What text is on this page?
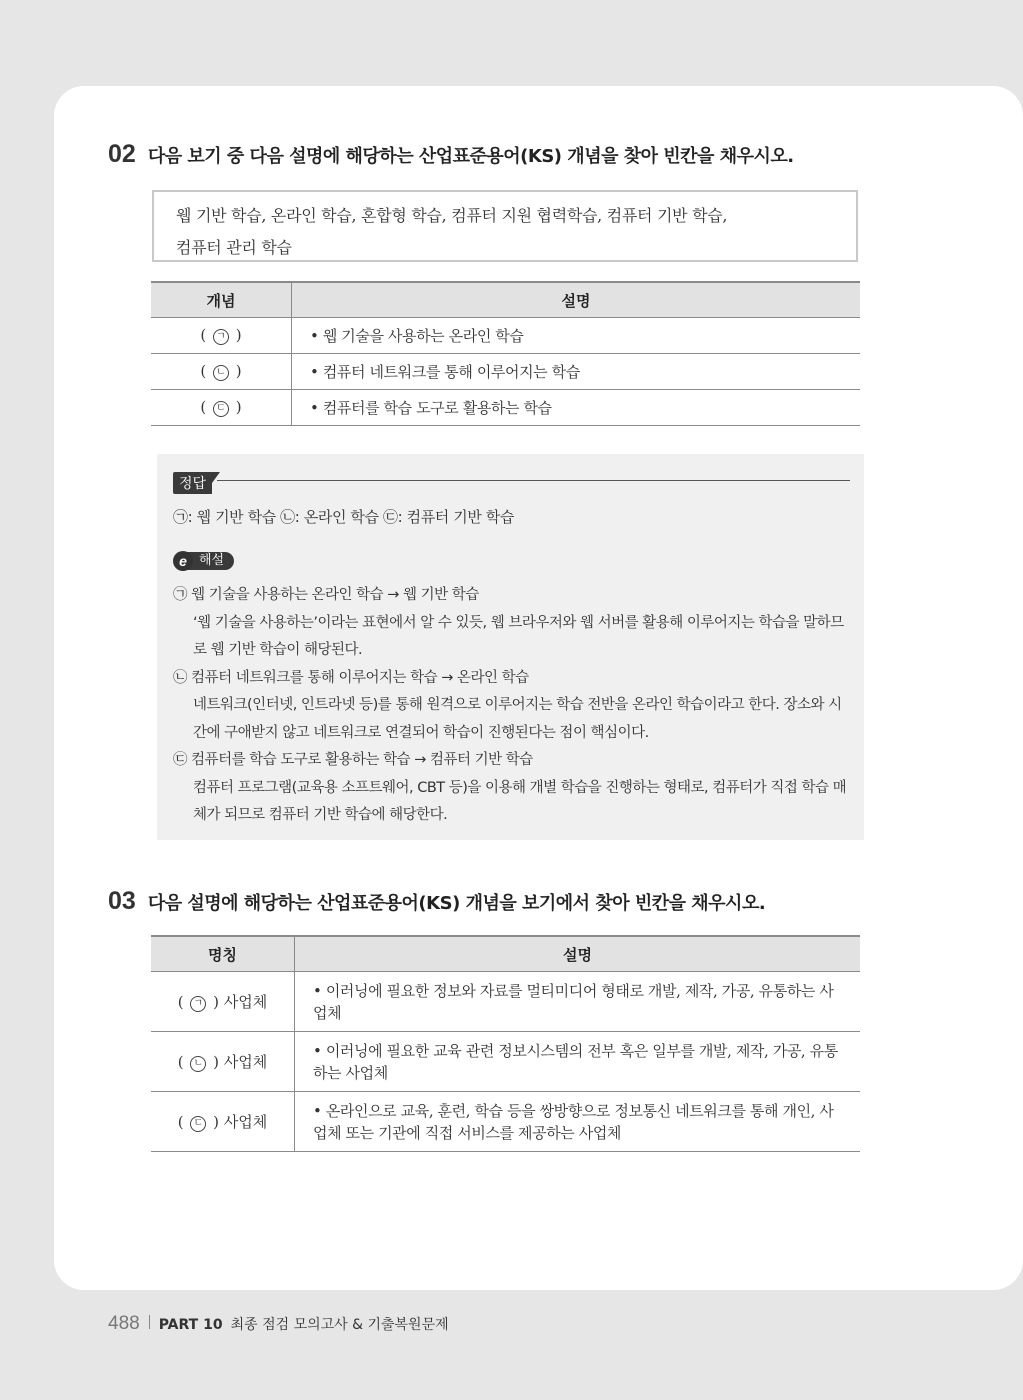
02 다음 보기 중 다음 설명에 해당하는 산업표준용어(KS) 개념을 찾아 빈칸을 채우시오.
웹 기반 학습, 온라인 학습, 혼합형 학습, 컴퓨터 지원 협력학습, 컴퓨터 기반 학습,
컴퓨터 관리 학습
개념	설명
( ㄱ )	• 웹 기술을 사용하는 온라인 학습
( ㄴ )	• 컴퓨터 네트워크를 통해 이루어지는 학습
( ㄷ )	• 컴퓨터를 학습 도구로 활용하는 학습
정답
㉠: 웹 기반 학습 ㉡: 온라인 학습 ㉢: 컴퓨터 기반 학습
e 해설
㉠ 웹 기술을 사용하는 온라인 학습 → 웹 기반 학습
‘웹 기술을 사용하는’이라는 표현에서 알 수 있듯, 웹 브라우저와 웹 서버를 활용해 이루어지는 학습을 말하므로 웹 기반 학습이 해당된다.
㉡ 컴퓨터 네트워크를 통해 이루어지는 학습 → 온라인 학습
네트워크(인터넷, 인트라넷 등)를 통해 원격으로 이루어지는 학습 전반을 온라인 학습이라고 한다. 장소와 시간에 구애받지 않고 네트워크로 연결되어 학습이 진행된다는 점이 핵심이다.
㉢ 컴퓨터를 학습 도구로 활용하는 학습 → 컴퓨터 기반 학습
컴퓨터 프로그램(교육용 소프트웨어, CBT 등)을 이용해 개별 학습을 진행하는 형태로, 컴퓨터가 직접 학습 매체가 되므로 컴퓨터 기반 학습에 해당한다.
03 다음 설명에 해당하는 산업표준용어(KS) 개념을 보기에서 찾아 빈칸을 채우시오.
명칭	설명
( ㄱ ) 사업체	• 이러닝에 필요한 정보와 자료를 멀티미디어 형태로 개발, 제작, 가공, 유통하는 사업체
( ㄴ ) 사업체	• 이러닝에 필요한 교육 관련 정보시스템의 전부 혹은 일부를 개발, 제작, 가공, 유통하는 사업체
( ㄷ ) 사업체	• 온라인으로 교육, 훈련, 학습 등을 쌍방향으로 정보통신 네트워크를 통해 개인, 사업체 또는 기관에 직접 서비스를 제공하는 사업체
488 PART 10 최종 점검 모의고사 & 기출복원문제
